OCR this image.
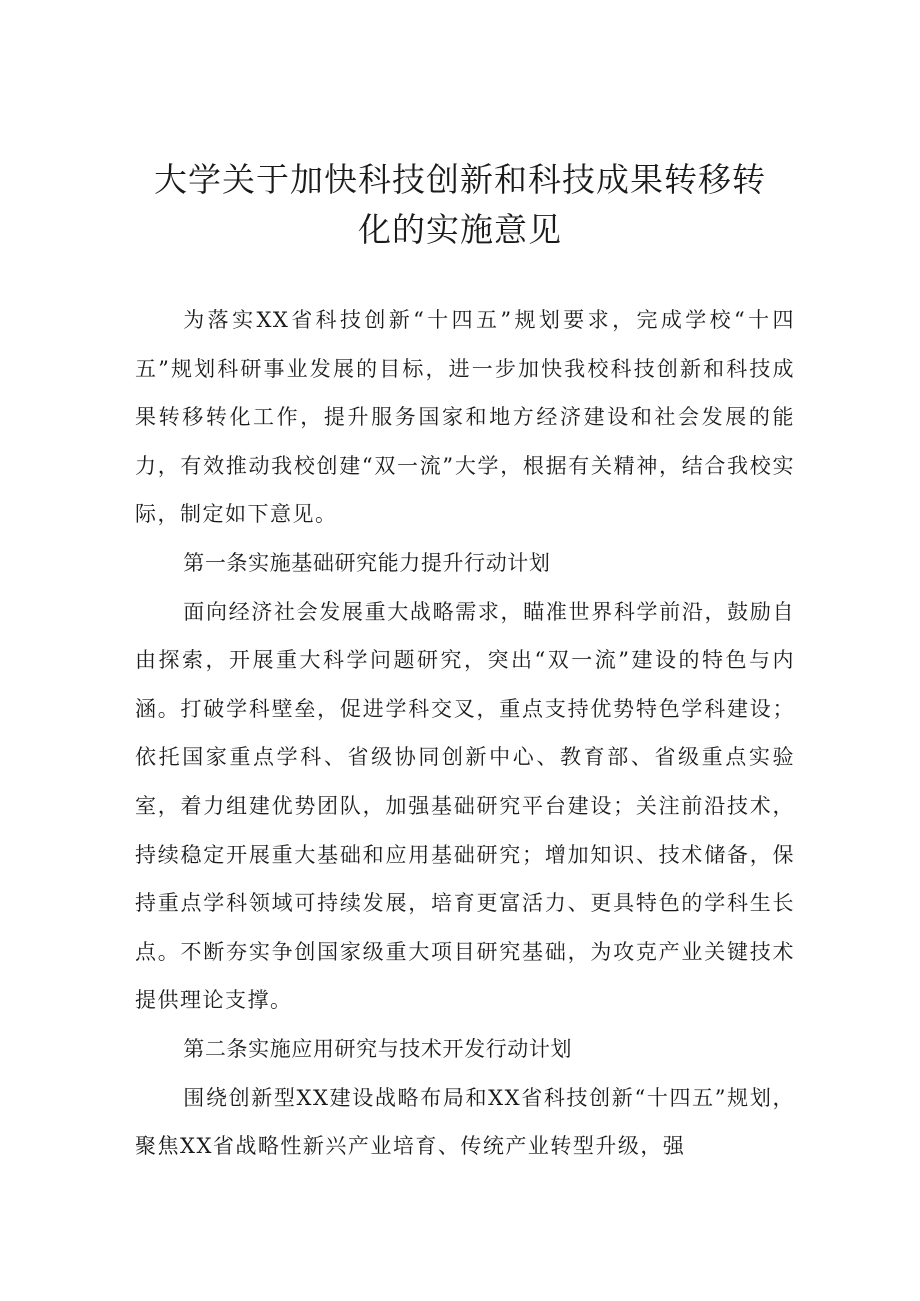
大学关于加快科技创新和科技成果转移转
化的实施意见

为落实XX省科技创新“十四五”规划要求，完成学校“十四五”规划科研事业发展的目标，进一步加快我校科技创新和科技成果转移转化工作，提升服务国家和地方经济建设和社会发展的能力，有效推动我校创建“双一流”大学，根据有关精神，结合我校实际，制定如下意见。

第一条实施基础研究能力提升行动计划

面向经济社会发展重大战略需求，瞄准世界科学前沿，鼓励自由探索，开展重大科学问题研究，突出“双一流”建设的特色与内涵。打破学科壁垒，促进学科交叉，重点支持优势特色学科建设；依托国家重点学科、省级协同创新中心、教育部、省级重点实验室，着力组建优势团队，加强基础研究平台建设；关注前沿技术，持续稳定开展重大基础和应用基础研究；增加知识、技术储备，保持重点学科领域可持续发展，培育更富活力、更具特色的学科生长点。不断夯实争创国家级重大项目研究基础，为攻克产业关键技术提供理论支撑。

第二条实施应用研究与技术开发行动计划

围绕创新型XX建设战略布局和XX省科技创新“十四五”规划，聚焦XX省战略性新兴产业培育、传统产业转型升级，强
